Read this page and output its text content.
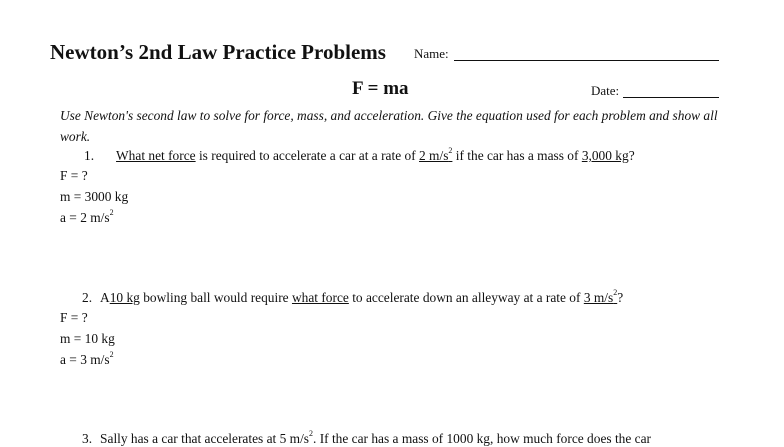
Newton’s 2nd Law Practice Problems Name:
F = ma	Date:
Use Newton's second law to solve for force, mass, and acceleration. Give the equation used for each problem and show all work.
1. What net force is required to accelerate a car at a rate of 2 $m/s^2$ if the car has a mass of 3,000 kg?
F = ?
m = 3000 kg
a = 2 $m/s^2$
2. A10 kg bowling ball would require what force to accelerate down an alleyway at a rate of 3 $m/s^2$?
F = ?
m = 10 kg
a = 3 $m/s^2$
3. Sally has a car that accelerates at 5 $m/s^2$. If the car has a mass of 1000 kg, how much force does the car
